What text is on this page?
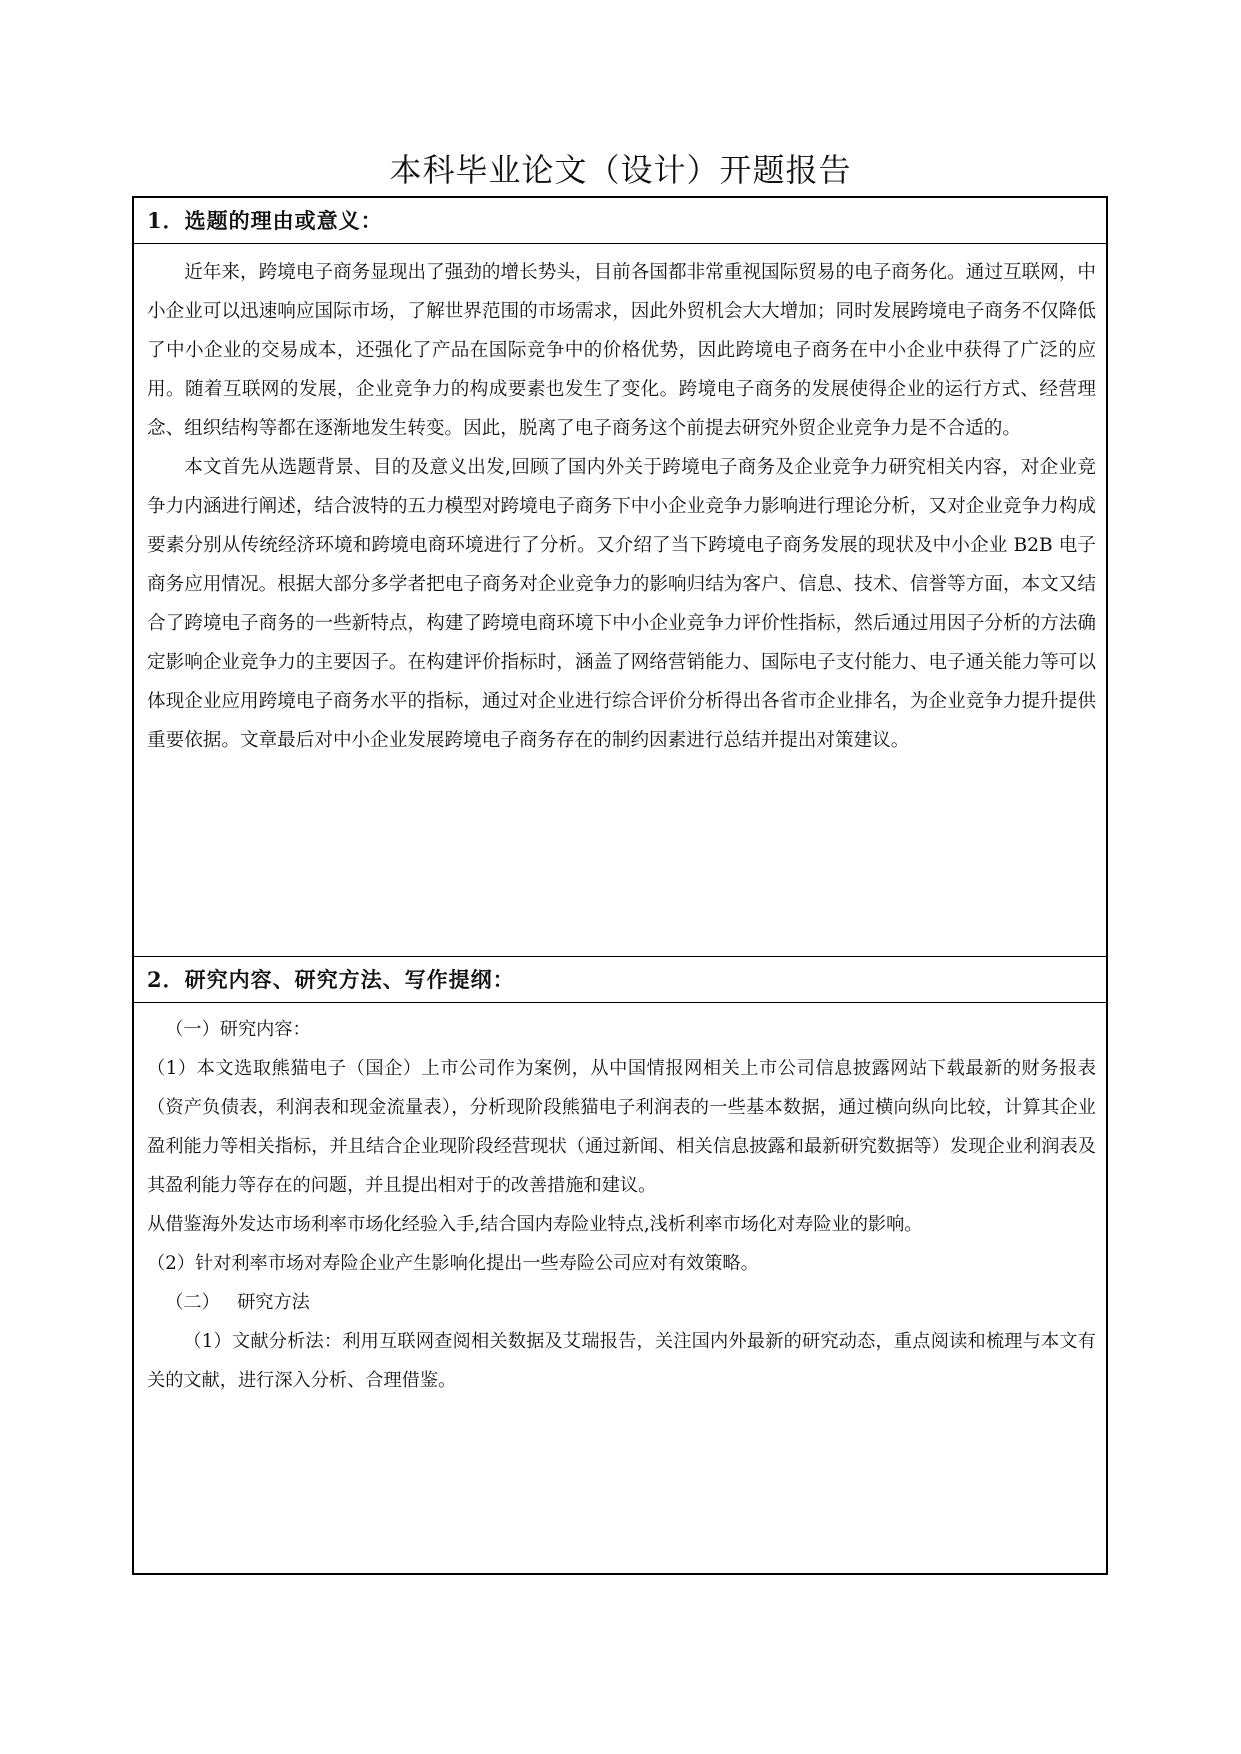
本科毕业论文（设计）开题报告
1．选题的理由或意义：

近年来，跨境电子商务显现出了强劲的增长势头，目前各国都非常重视国际贸易的电子商务化。通过互联网，中小企业可以迅速响应国际市场，了解世界范围的市场需求，因此外贸机会大大增加；同时发展跨境电子商务不仅降低了中小企业的交易成本，还强化了产品在国际竞争中的价格优势，因此跨境电子商务在中小企业中获得了广泛的应用。随着互联网的发展，企业竞争力的构成要素也发生了变化。跨境电子商务的发展使得企业的运行方式、经营理念、组织结构等都在逐渐地发生转变。因此，脱离了电子商务这个前提去研究外贸企业竞争力是不合适的。

本文首先从选题背景、目的及意义出发,回顾了国内外关于跨境电子商务及企业竞争力研究相关内容，对企业竞争力内涵进行阐述，结合波特的五力模型对跨境电子商务下中小企业竞争力影响进行理论分析，又对企业竞争力构成要素分别从传统经济环境和跨境电商环境进行了分析。又介绍了当下跨境电子商务发展的现状及中小企业 B2B 电子商务应用情况。根据大部分多学者把电子商务对企业竞争力的影响归结为客户、信息、技术、信誉等方面，本文又结合了跨境电子商务的一些新特点，构建了跨境电商环境下中小企业竞争力评价性指标，然后通过用因子分析的方法确定影响企业竞争力的主要因子。在构建评价指标时，涵盖了网络营销能力、国际电子支付能力、电子通关能力等可以体现企业应用跨境电子商务水平的指标，通过对企业进行综合评价分析得出各省市企业排名，为企业竞争力提升提供重要依据。文章最后对中小企业发展跨境电子商务存在的制约因素进行总结并提出对策建议。

2．研究内容、研究方法、写作提纲：

（一）研究内容：

（1）本文选取熊猫电子（国企）上市公司作为案例，从中国情报网相关上市公司信息披露网站下载最新的财务报表（资产负债表，利润表和现金流量表），分析现阶段熊猫电子利润表的一些基本数据，通过横向纵向比较，计算其企业盈利能力等相关指标，并且结合企业现阶段经营现状（通过新闻、相关信息披露和最新研究数据等）发现企业利润表及其盈利能力等存在的问题，并且提出相对于的改善措施和建议。

从借鉴海外发达市场利率市场化经验入手,结合国内寿险业特点,浅析利率市场化对寿险业的影响。

（2）针对利率市场对寿险企业产生影响化提出一些寿险公司应对有效策略。

（二）   研究方法

（1）文献分析法：利用互联网查阅相关数据及艾瑞报告，关注国内外最新的研究动态，重点阅读和梳理与本文有关的文献，进行深入分析、合理借鉴。
